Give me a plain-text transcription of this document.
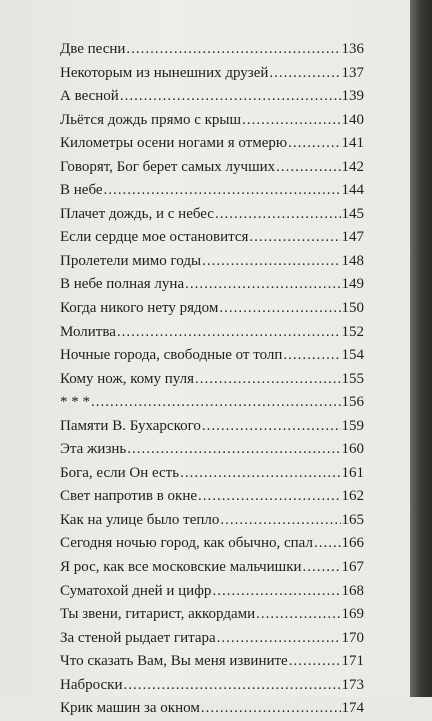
Две песни .....	136
Некоторым из нынешних друзей .....	137
А весной .....	139
Льётся дождь прямо с крыш .....	140
Километры осени ногами я отмерю .....	141
Говорят, Бог берет самых лучших .....	142
В небе .....	144
Плачет дождь, и с небес .....	145
Если сердце мое остановится .....	147
Пролетели мимо годы .....	148
В небе полная луна .....	149
Когда никого нету рядом .....	150
Молитва .....	152
Ночные города, свободные от толп .....	154
Кому нож, кому пуля .....	155
* * * .....	156
Памяти В. Бухарского .....	159
Эта жизнь .....	160
Бога, если Он есть .....	161
Свет напротив в окне .....	162
Как на улице было тепло .....	165
Сегодня ночью город, как обычно, спал ..... 166
Я рос, как все московские мальчишки .....	167
Суматохой дней и цифр .....	168
Ты звени, гитарист, аккордами .....	169
За стеной рыдает гитара .....	170
Что сказать Вам, Вы меня извините .....	171
Наброски .....	173
Крик машин за окном .....	174
